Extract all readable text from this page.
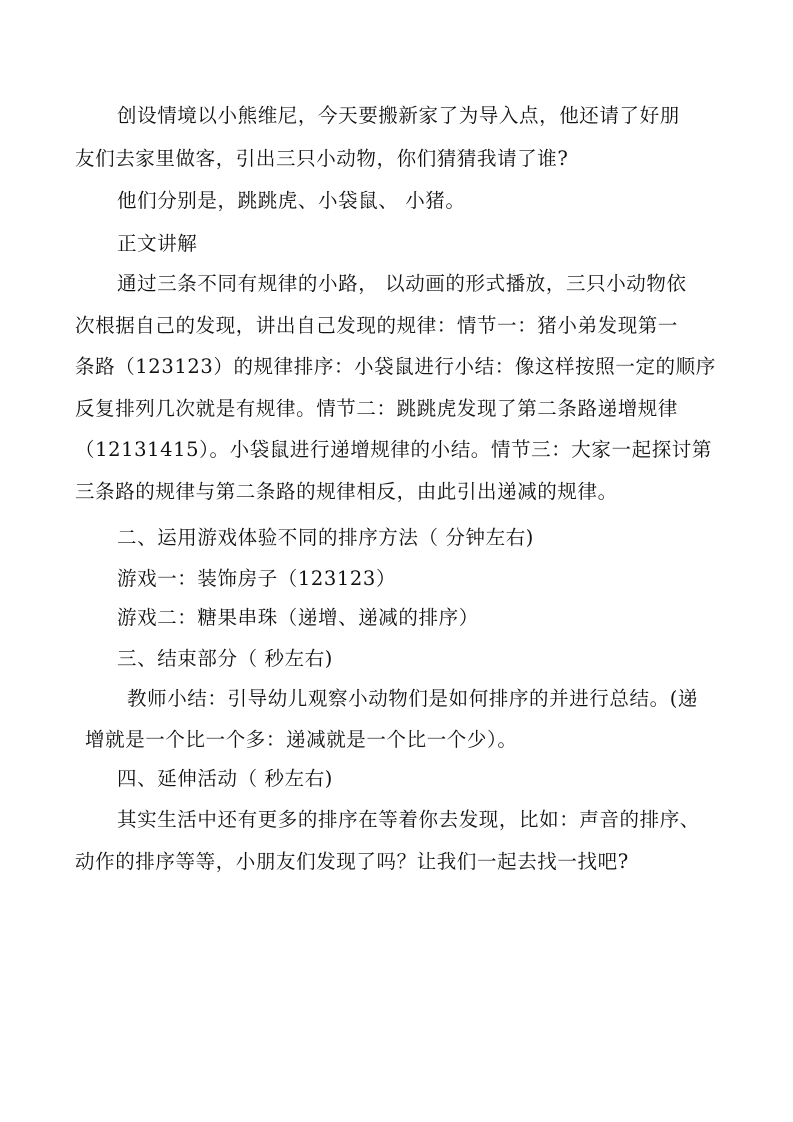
创设情境以小熊维尼，今天要搬新家了为导入点，他还请了好朋
友们去家里做客，引出三只小动物，你们猜猜我请了谁?
他们分别是，跳跳虎、小袋鼠、 小猪。
正文讲解
通过三条不同有规律的小路， 以动画的形式播放，三只小动物依
次根据自己的发现，讲出自己发现的规律：情节一：猪小弟发现第一
条路（123123）的规律排序：小袋鼠进行小结：像这样按照一定的顺序
反复排列几次就是有规律。情节二：跳跳虎发现了第二条路递增规律
（12131415）。小袋鼠进行递增规律的小结。情节三：大家一起探讨第
三条路的规律与第二条路的规律相反，由此引出递减的规律。
二、运用游戏体验不同的排序方法（ 分钟左右)
游戏一：装饰房子（123123）
游戏二：糖果串珠（递增、递减的排序）
三、结束部分（ 秒左右)
教师小结：引导幼儿观察小动物们是如何排序的并进行总结。(递
增就是一个比一个多：递减就是一个比一个少）。
四、延伸活动（ 秒左右)
其实生活中还有更多的排序在等着你去发现，比如：声音的排序、
动作的排序等等，小朋友们发现了吗？让我们一起去找一找吧?
